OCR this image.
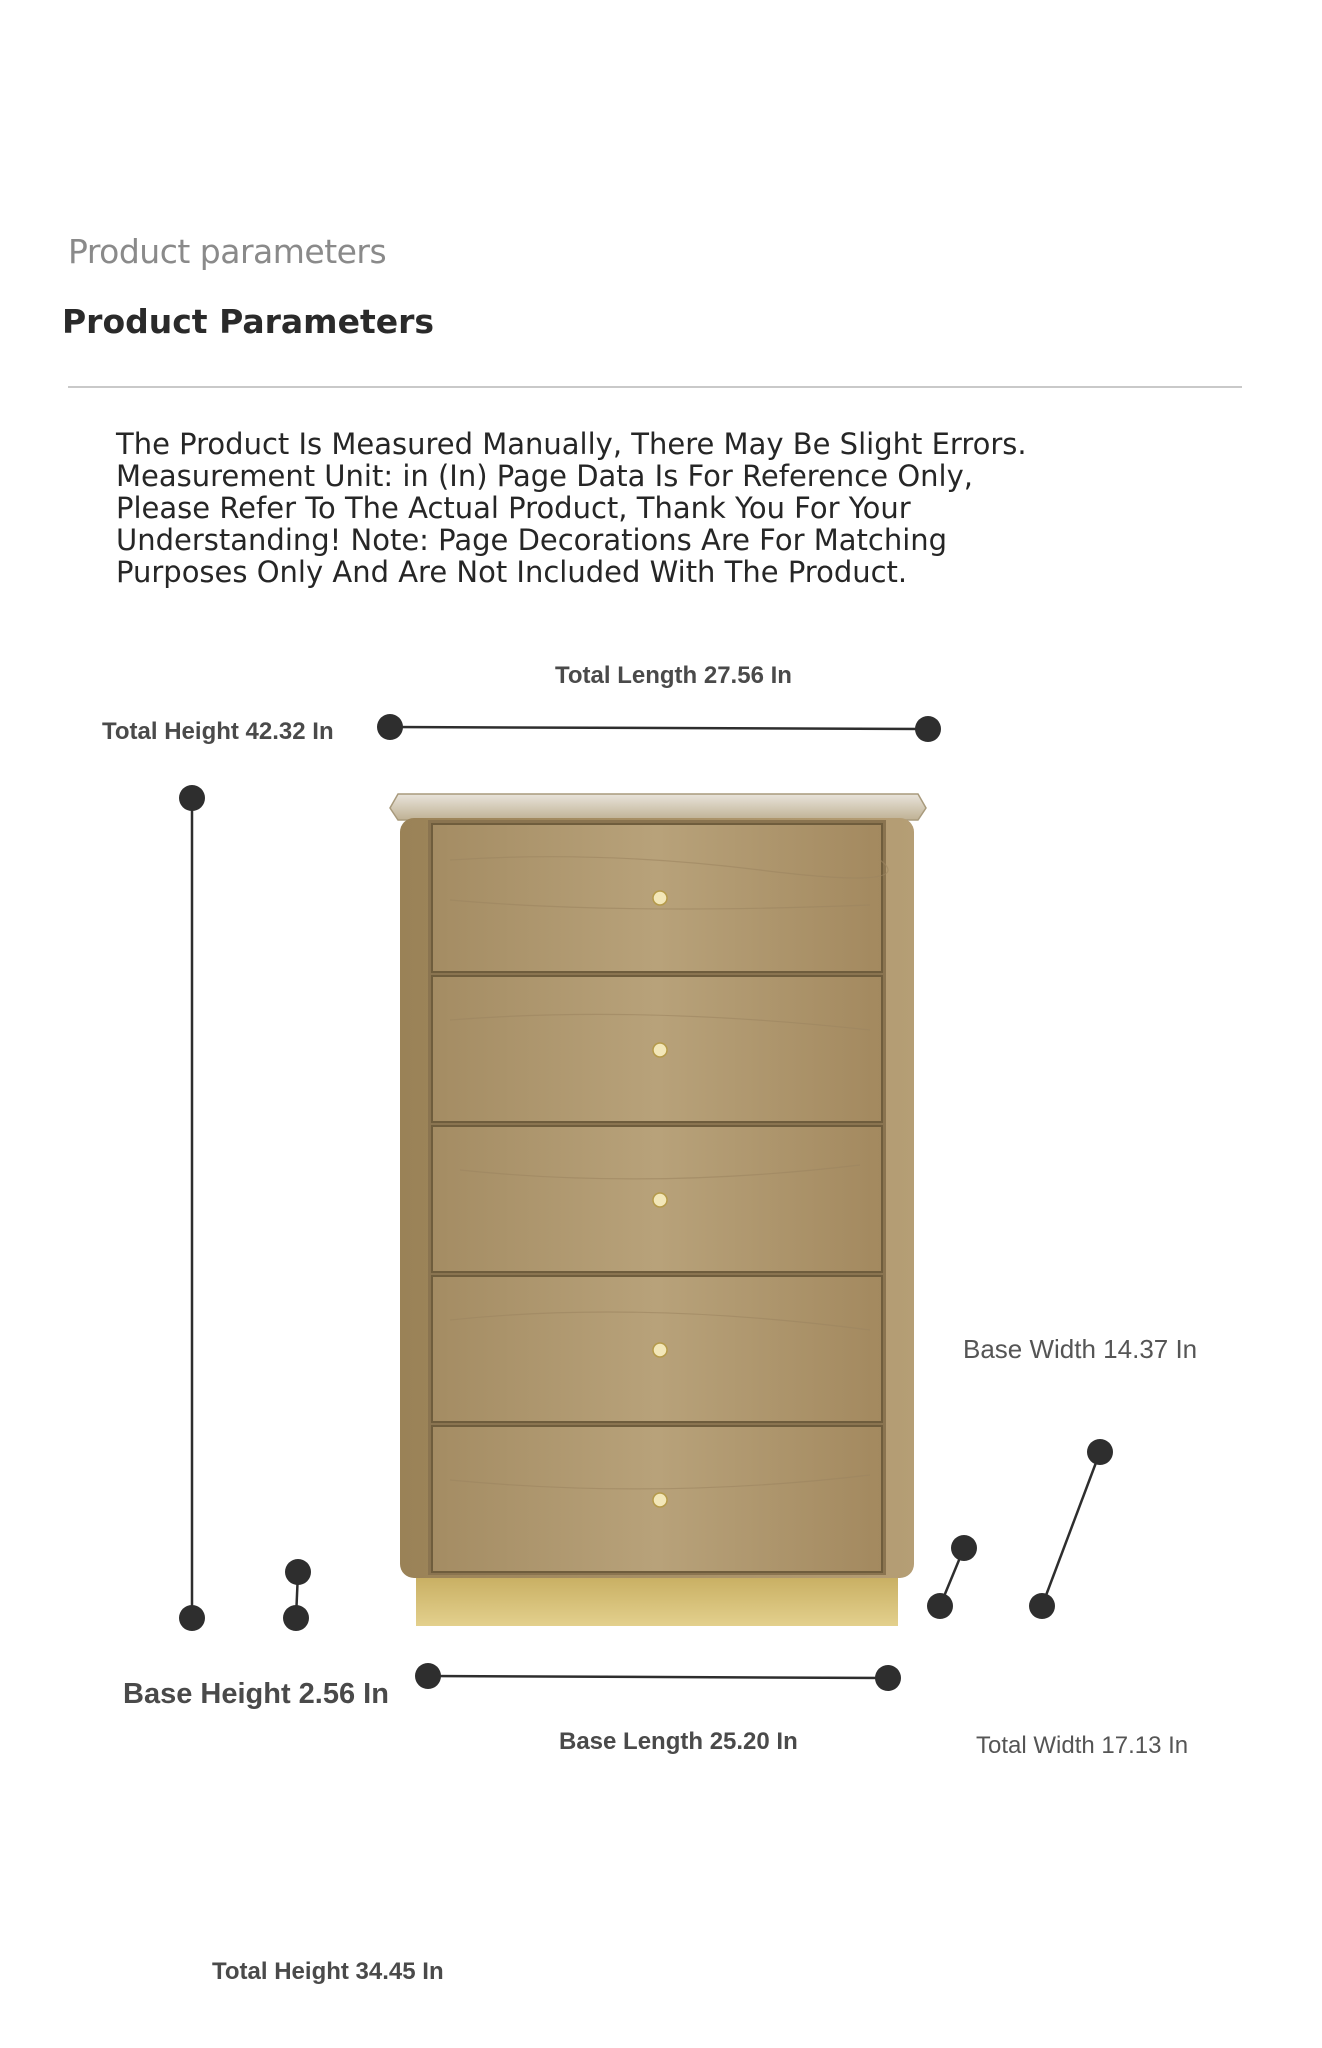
Product parameters
Product Parameters

The Product Is Measured Manually, There May Be Slight Errors.

Measurement Unit: in (In) Page Data Is For Reference Only,

Please Refer To The Actual Product, Thank You For Your

Understanding! Note: Page Decorations Are For Matching

Purposes Only And Are Not Included With The Product.

Total Length 27.56 In
Total Height 42.32 In
Base Width 14.37 In
Base Height 2.56 In
Base Length 25.20 In	Total Width 17.13 In
Total Height 34.45 In
